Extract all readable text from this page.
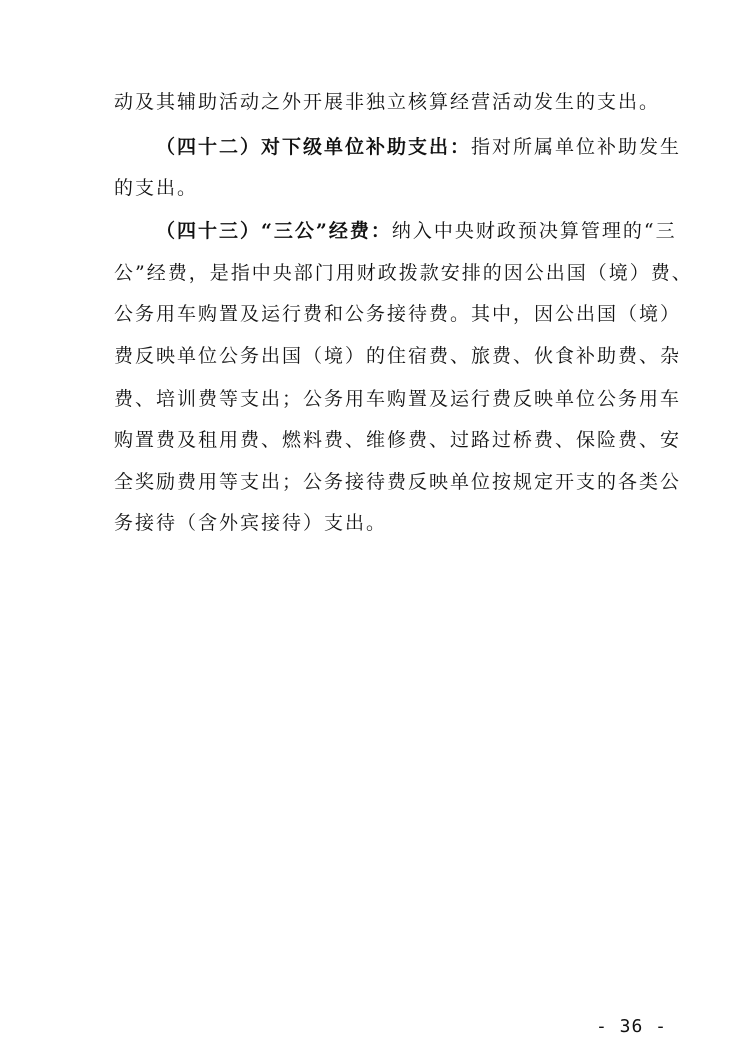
动及其辅助活动之外开展非独立核算经营活动发生的支出。
（四十二）对下级单位补助支出：指对所属单位补助发生
的支出。
（四十三）“三公”经费：纳入中央财政预决算管理的“三
公”经费，是指中央部门用财政拨款安排的因公出国（境）费、
公务用车购置及运行费和公务接待费。其中，因公出国（境）
费反映单位公务出国（境）的住宿费、旅费、伙食补助费、杂
费、培训费等支出；公务用车购置及运行费反映单位公务用车
购置费及租用费、燃料费、维修费、过路过桥费、保险费、安
全奖励费用等支出；公务接待费反映单位按规定开支的各类公
务接待（含外宾接待）支出。
- 36 -
